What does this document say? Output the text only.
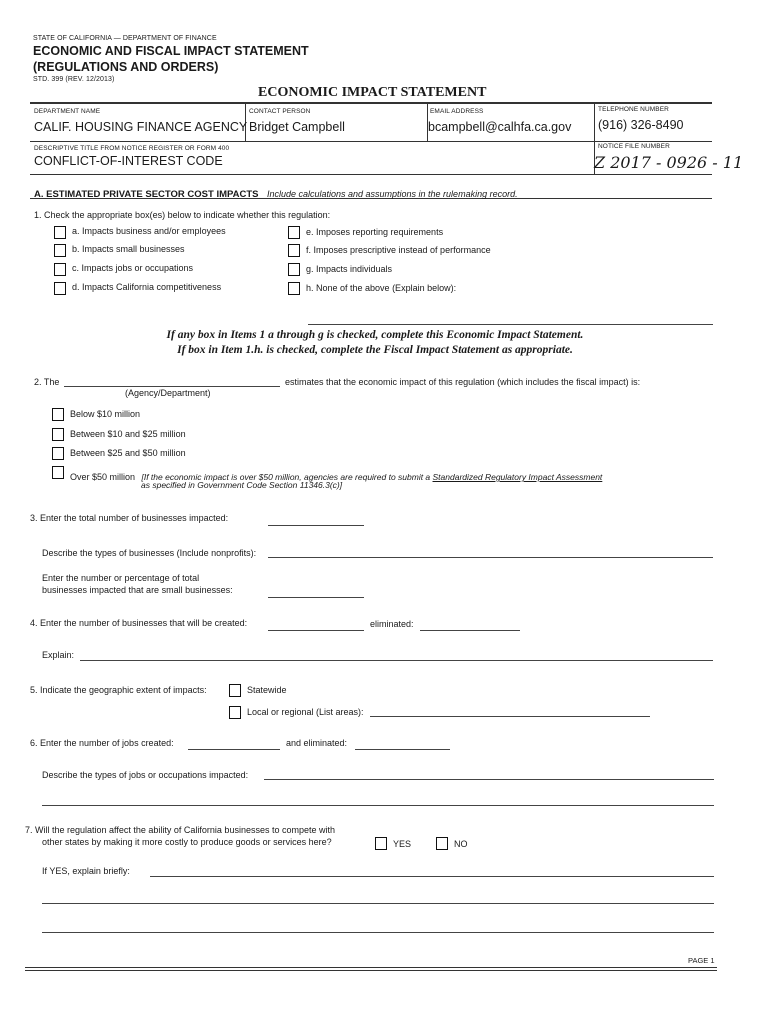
STATE OF CALIFORNIA — DEPARTMENT OF FINANCE
ECONOMIC AND FISCAL IMPACT STATEMENT
(REGULATIONS AND ORDERS)
STD. 399 (REV. 12/2013)
ECONOMIC IMPACT STATEMENT
DEPARTMENT NAME
CALIF. HOUSING FINANCE AGENCY
CONTACT PERSON
Bridget Campbell
EMAIL ADDRESS
bcampbell@calhfa.ca.gov
TELEPHONE NUMBER
(916) 326-8490
DESCRIPTIVE TITLE FROM NOTICE REGISTER OR FORM 400
CONFLICT-OF-INTEREST CODE
NOTICE FILE NUMBER
Z 2017 - 0926 - 11
A. ESTIMATED PRIVATE SECTOR COST IMPACTS Include calculations and assumptions in the rulemaking record.
1. Check the appropriate box(es) below to indicate whether this regulation:
a. Impacts business and/or employees
b. Impacts small businesses
c. Impacts jobs or occupations
d. Impacts California competitiveness
e. Imposes reporting requirements
f. Imposes prescriptive instead of performance
g. Impacts individuals
h. None of the above (Explain below):
If any box in Items 1 a through g is checked, complete this Economic Impact Statement.
If box in Item 1.h. is checked, complete the Fiscal Impact Statement as appropriate.
2. The
(Agency/Department)
estimates that the economic impact of this regulation (which includes the fiscal impact) is:
Below $10 million
Between $10 and $25 million
Between $25 and $50 million
Over $50 million [If the economic impact is over $50 million, agencies are required to submit a Standardized Regulatory Impact Assessment
as specified in Government Code Section 11346.3(c)]
3. Enter the total number of businesses impacted:
Describe the types of businesses (Include nonprofits):
Enter the number or percentage of total
businesses impacted that are small businesses:
4. Enter the number of businesses that will be created:	eliminated:
Explain:
5. Indicate the geographic extent of impacts:	Statewide
Local or regional (List areas):
6. Enter the number of jobs created:	and eliminated:
Describe the types of jobs or occupations impacted:
7. Will the regulation affect the ability of California businesses to compete with
other states by making it more costly to produce goods or services here?	YES	NO
If YES, explain briefly:
PAGE 1
